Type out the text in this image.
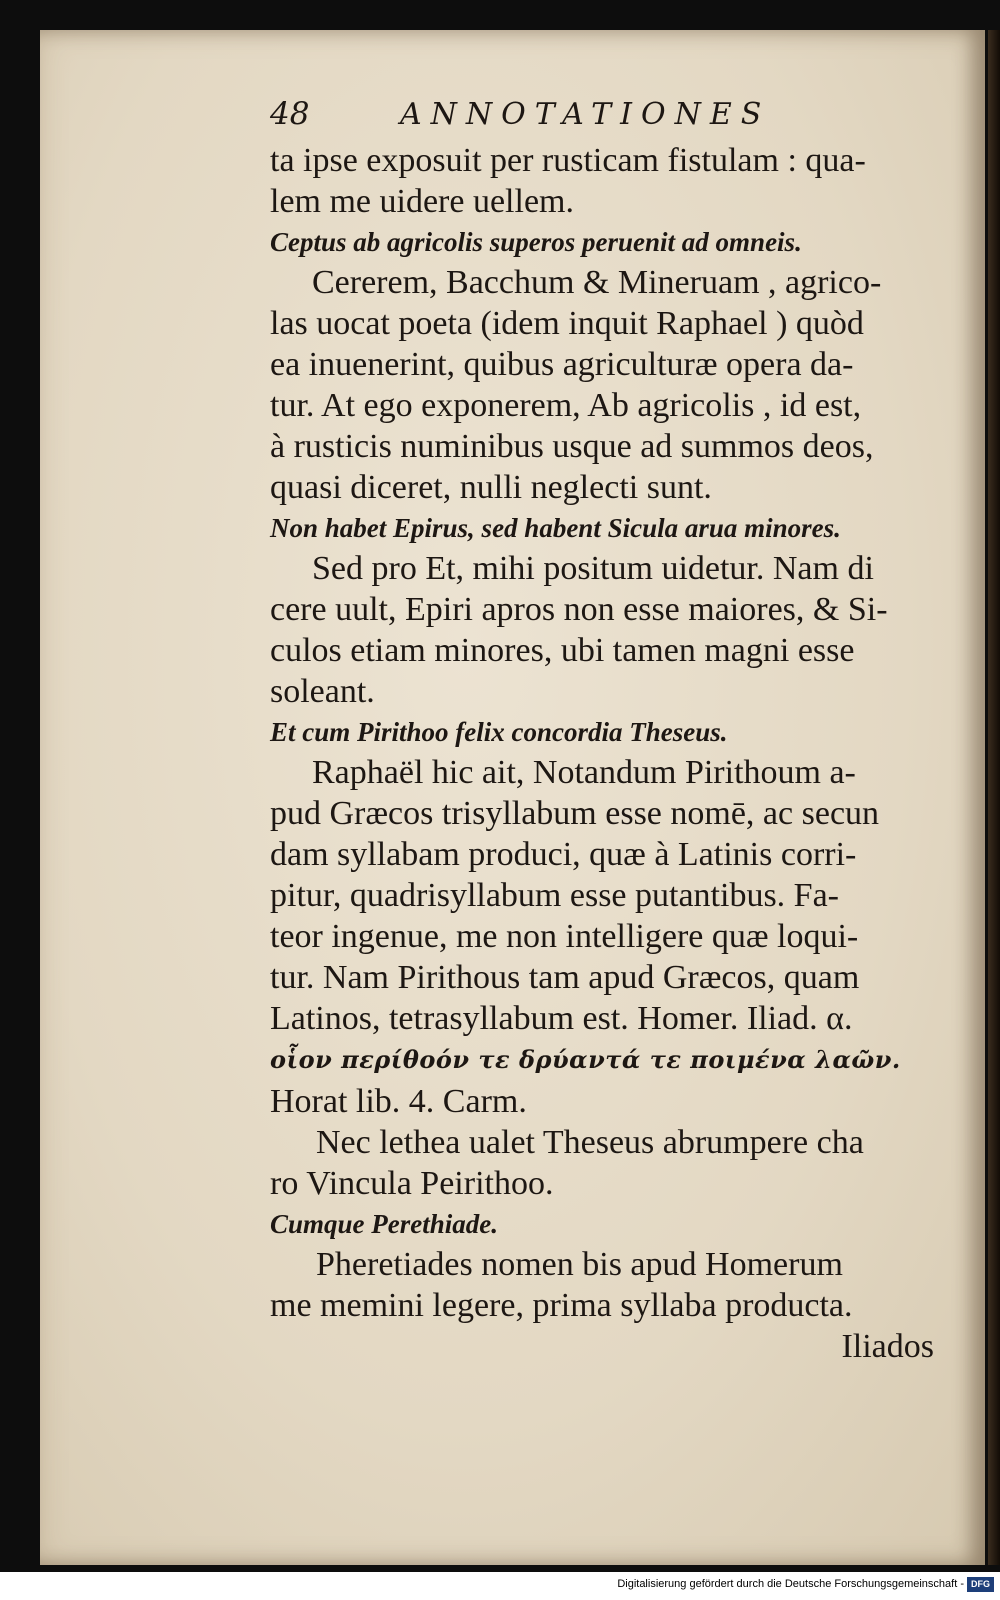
48	ANNOTATIONES
ta ipse exposuit per rusticam fistulam : qua-
lem me uidere uellem.
Ceptus ab agricolis superos peruenit ad omneis.
Cererem, Bacchum & Mineruam , agrico-
las uocat poeta (idem inquit Raphael ) quòd
ea inuenerint, quibus agriculturæ opera da-
tur. At ego exponerem, Ab agricolis , id est,
à rusticis numinibus usque ad summos deos,
quasi diceret, nulli neglecti sunt.
Non habet Epirus, sed habent Sicula arua minores.
Sed pro Et, mihi positum uidetur. Nam di
cere uult, Epiri apros non esse maiores, & Si-
culos etiam minores, ubi tamen magni esse
soleant.
Et cum Pirithoo felix concordia Theseus.
Raphaël hic ait, Notandum Pirithoum a-
pud Græcos trisyllabum esse nomē, ac secun
dam syllabam produci, quæ à Latinis corri-
pitur, quadrisyllabum esse putantibus. Fa-
teor ingenue, me non intelligere quæ loqui-
tur. Nam Pirithous tam apud Græcos, quam
Latinos, tetrasyllabum est. Homer. Iliad. α.
οἷον περίθοόν τε δρύαντά τε ποιμένα λαῶν.
Horat lib. 4. Carm.
Nec lethea ualet Theseus abrumpere cha
ro Vincula Peirithoo.
Cumque Perethiade.
Pheretiades nomen bis apud Homerum
me memini legere, prima syllaba producta.
Iliados
Digitalisierung gefördert durch die Deutsche Forschungsgemeinschaft - DFG
